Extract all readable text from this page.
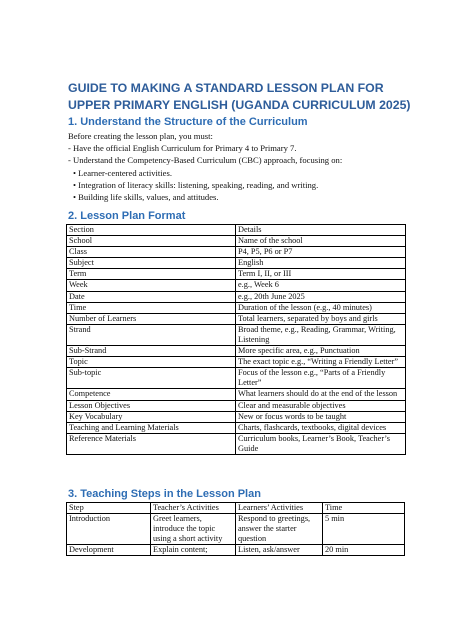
GUIDE TO MAKING A STANDARD LESSON PLAN FOR UPPER PRIMARY ENGLISH (UGANDA CURRICULUM 2025)
1. Understand the Structure of the Curriculum
Before creating the lesson plan, you must:
- Have the official English Curriculum for Primary 4 to Primary 7.
- Understand the Competency-Based Curriculum (CBC) approach, focusing on:
• Learner-centered activities.
• Integration of literacy skills: listening, speaking, reading, and writing.
• Building life skills, values, and attitudes.
2. Lesson Plan Format
Section	Details
School	Name of the school
Class	P4, P5, P6 or P7
Subject	English
Term	Term I, II, or III
Week	e.g., Week 6
Date	e.g., 20th June 2025
Time	Duration of the lesson (e.g., 40 minutes)
Number of Learners	Total learners, separated by boys and girls
Strand	Broad theme, e.g., Reading, Grammar, Writing, Listening
Sub-Strand	More specific area, e.g., Punctuation
Topic	The exact topic e.g., “Writing a Friendly Letter”
Sub-topic	Focus of the lesson e.g., “Parts of a Friendly Letter”
Competence	What learners should do at the end of the lesson
Lesson Objectives	Clear and measurable objectives
Key Vocabulary	New or focus words to be taught
Teaching and Learning Materials	Charts, flashcards, textbooks, digital devices
Reference Materials	Curriculum books, Learner’s Book, Teacher’s Guide
3. Teaching Steps in the Lesson Plan
Step	Teacher’s Activities	Learners’ Activities	Time
Introduction	Greet learners, introduce the topic using a short activity	Respond to greetings, answer the starter question	5 min
Development	Explain content;	Listen, ask/answer	20 min
